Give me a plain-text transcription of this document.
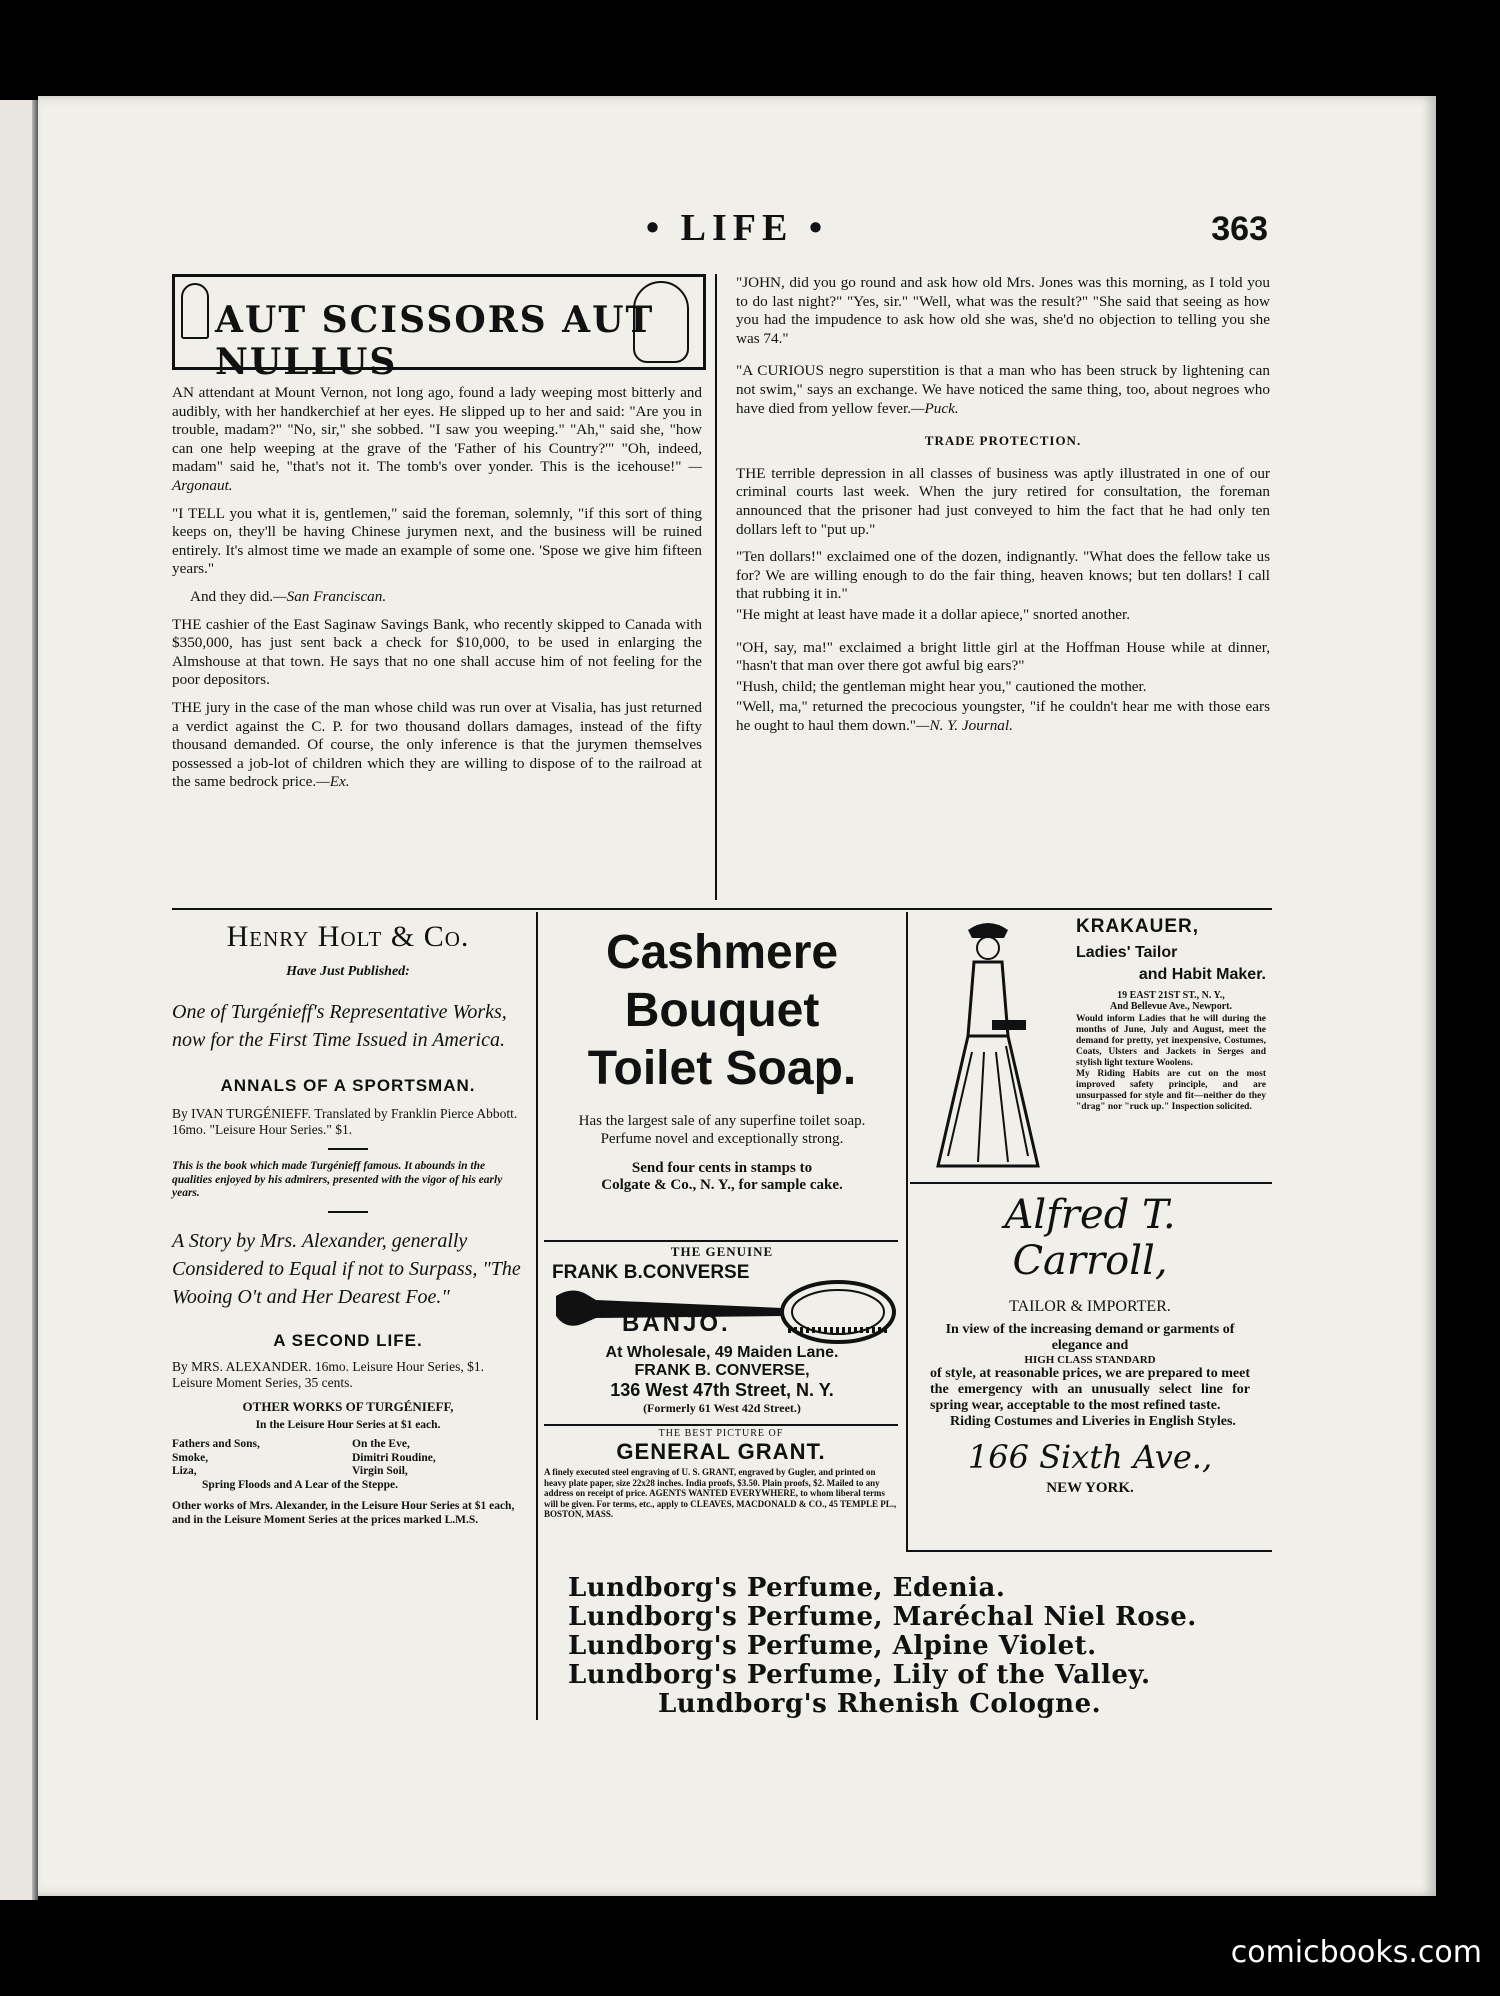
• LIFE •	363
AUT SCISSORS AUT NULLUS

AN attendant at Mount Vernon, not long ago, found a lady weeping most bitterly and audibly, with her handkerchief at her eyes. He slipped up to her and said: "Are you in trouble, madam?" "No, sir," she sobbed. "I saw you weeping." "Ah," said she, "how can one help weeping at the grave of the 'Father of his Country?'" "Oh, indeed, madam" said he, "that's not it. The tomb's over yonder. This is the icehouse!" —Argonaut.

"I TELL you what it is, gentlemen," said the foreman, solemnly, "if this sort of thing keeps on, they'll be having Chinese jurymen next, and the business will be ruined entirely. It's almost time we made an example of some one. 'Spose we give him fifteen years."

And they did.—San Franciscan.

THE cashier of the East Saginaw Savings Bank, who recently skipped to Canada with $350,000, has just sent back a check for $10,000, to be used in enlarging the Almshouse at that town. He says that no one shall accuse him of not feeling for the poor depositors.

THE jury in the case of the man whose child was run over at Visalia, has just returned a verdict against the C. P. for two thousand dollars damages, instead of the fifty thousand demanded. Of course, the only inference is that the jurymen themselves possessed a job-lot of children which they are willing to dispose of to the railroad at the same bedrock price.—Ex.

"JOHN, did you go round and ask how old Mrs. Jones was this morning, as I told you to do last night?" "Yes, sir." "Well, what was the result?" "She said that seeing as how you had the impudence to ask how old she was, she'd no objection to telling you she was 74."

"A CURIOUS negro superstition is that a man who has been struck by lightening can not swim," says an exchange. We have noticed the same thing, too, about negroes who have died from yellow fever.—Puck.

TRADE PROTECTION.

THE terrible depression in all classes of business was aptly illustrated in one of our criminal courts last week. When the jury retired for consultation, the foreman announced that the prisoner had just conveyed to him the fact that he had only ten dollars left to "put up."

"Ten dollars!" exclaimed one of the dozen, indignantly. "What does the fellow take us for? We are willing enough to do the fair thing, heaven knows; but ten dollars! I call that rubbing it in."

"He might at least have made it a dollar apiece," snorted another.

"OH, say, ma!" exclaimed a bright little girl at the Hoffman House while at dinner, "hasn't that man over there got awful big ears?"

"Hush, child; the gentleman might hear you," cautioned the mother.

"Well, ma," returned the precocious youngster, "if he couldn't hear me with those ears he ought to haul them down."—N. Y. Journal.

Henry Holt & Co.
Have Just Published:
One of Turgénieff's Representative Works, now for the First Time Issued in America.
ANNALS OF A SPORTSMAN.
By IVAN TURGÉNIEFF. Translated by Franklin Pierce Abbott. 16mo. "Leisure Hour Series." $1.
This is the book which made Turgénieff famous. It abounds in the qualities enjoyed by his admirers, presented with the vigor of his early years.
A Story by Mrs. Alexander, generally Considered to Equal if not to Surpass, "The Wooing O't and Her Dearest Foe."
A SECOND LIFE.
By MRS. ALEXANDER. 16mo. Leisure Hour Series, $1. Leisure Moment Series, 35 cents.
OTHER WORKS OF TURGÉNIEFF,
In the Leisure Hour Series at $1 each.
Fathers and Sons,
Smoke,
Liza,
On the Eve,
Dimitri Roudine,
Virgin Soil,
Spring Floods and A Lear of the Steppe.
Other works of Mrs. Alexander, in the Leisure Hour Series at $1 each, and in the Leisure Moment Series at the prices marked L.M.S.
Cashmere
Bouquet
Toilet Soap.
Has the largest sale of any superfine toilet soap. Perfume novel and exceptionally strong.
Send four cents in stamps to
Colgate & Co., N. Y., for sample cake.
THE GENUINE
FRANK B.CONVERSE
BANJO.
At Wholesale, 49 Maiden Lane.
FRANK B. CONVERSE,
136 West 47th Street, N. Y.
(Formerly 61 West 42d Street.)
THE BEST PICTURE OF
GENERAL GRANT.
A finely executed steel engraving of U. S. GRANT, engraved by Gugler, and printed on heavy plate paper, size 22x28 inches. India proofs, $3.50. Plain proofs, $2. Mailed to any address on receipt of price. AGENTS WANTED EVERYWHERE, to whom liberal terms will be given. For terms, etc., apply to CLEAVES, MACDONALD & CO., 45 TEMPLE PL., BOSTON, MASS.
KRAKAUER,
Ladies' Tailor
and Habit Maker.
19 EAST 21ST ST., N. Y.,
And Bellevue Ave., Newport.
Would inform Ladies that he will during the months of June, July and August, meet the demand for pretty, yet inexpensive, Costumes, Coats, Ulsters and Jackets in Serges and stylish light texture Woolens.
My Riding Habits are cut on the most improved safety principle, and are unsurpassed for style and fit—neither do they "drag" nor "ruck up." Inspection solicited.
Alfred T. Carroll,
TAILOR & IMPORTER.
In view of the increasing demand or garments of elegance and
HIGH CLASS STANDARD
of style, at reasonable prices, we are prepared to meet the emergency with an unusually select line for spring wear, acceptable to the most refined taste.
Riding Costumes and Liveries in English Styles.
166 Sixth Ave.,
NEW YORK.
Lundborg's Perfume, Edenia.
Lundborg's Perfume, Maréchal Niel Rose.
Lundborg's Perfume, Alpine Violet.
Lundborg's Perfume, Lily of the Valley.
Lundborg's Rhenish Cologne.
comicbooks.com
